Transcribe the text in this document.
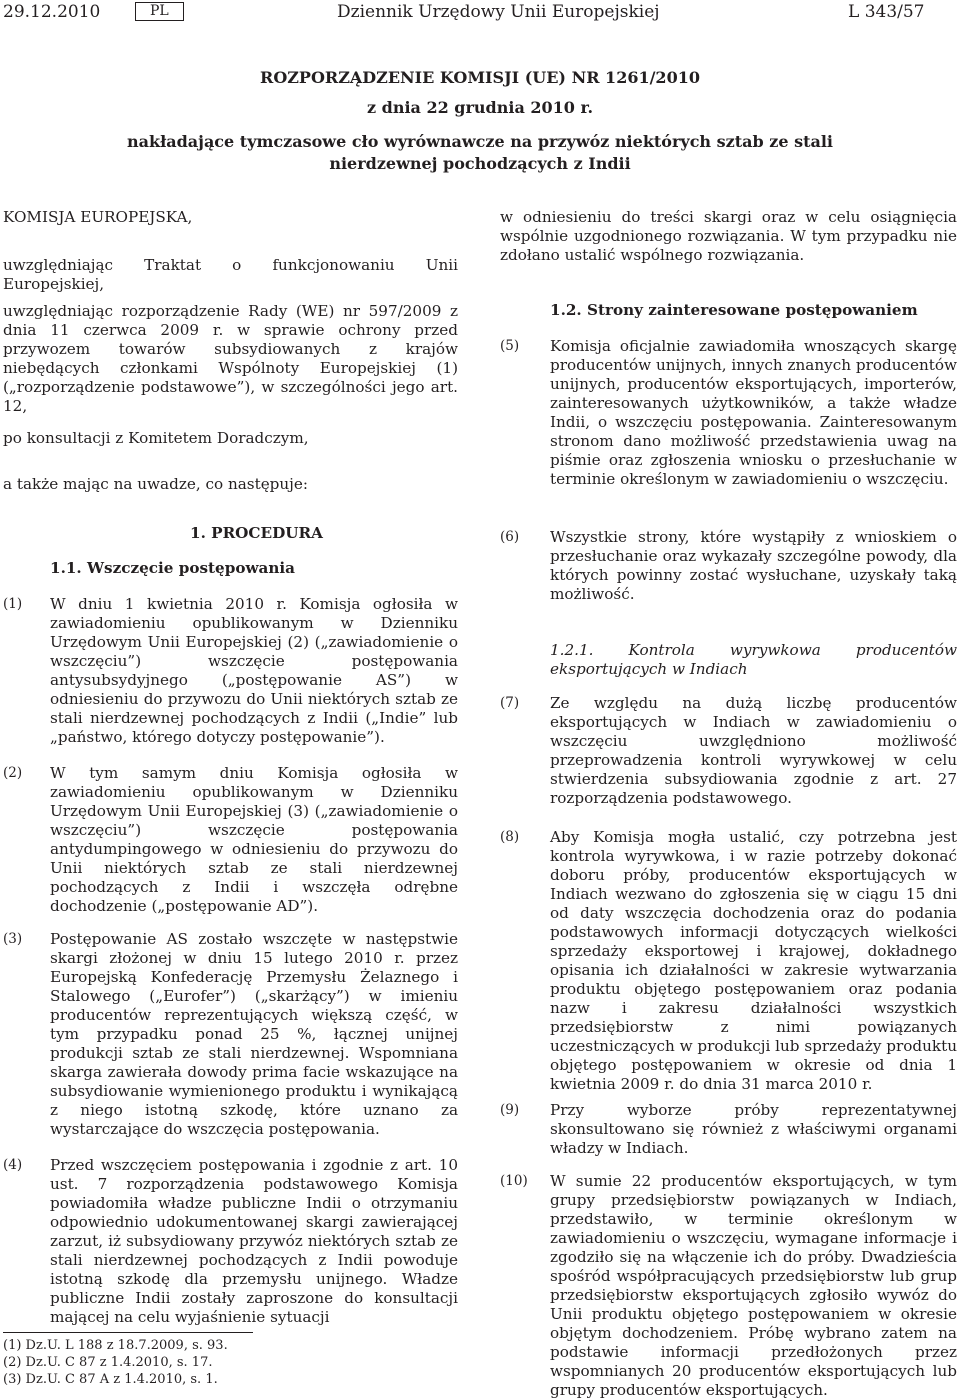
29.12.2010	PL	Dziennik Urzędowy Unii Europejskiej	L 343/57
ROZPORZĄDZENIE KOMISJI (UE) NR 1261/2010
z dnia 22 grudnia 2010 r.
nakładające tymczasowe cło wyrównawcze na przywóz niektórych sztab ze stali nierdzewnej pochodzących z Indii
KOMISJA EUROPEJSKA,
uwzględniając Traktat o funkcjonowaniu Unii Europejskiej,
uwzględniając rozporządzenie Rady (WE) nr 597/2009 z dnia 11 czerwca 2009 r. w sprawie ochrony przed przywozem towarów subsydiowanych z krajów niebędących członkami Wspólnoty Europejskiej (1) („rozporządzenie podstawowe”), w szczególności jego art. 12,
po konsultacji z Komitetem Doradczym,
a także mając na uwadze, co następuje:
1. PROCEDURA
1.1. Wszczęcie postępowania
(1) W dniu 1 kwietnia 2010 r. Komisja ogłosiła w zawiadomieniu opublikowanym w Dzienniku Urzędowym Unii Europejskiej (2) („zawiadomienie o wszczęciu”) wszczęcie postępowania antysubsydyjnego („postępowanie AS”) w odniesieniu do przywozu do Unii niektórych sztab ze stali nierdzewnej pochodzących z Indii („Indie” lub „państwo, którego dotyczy postępowanie”).
(2) W tym samym dniu Komisja ogłosiła w zawiadomieniu opublikowanym w Dzienniku Urzędowym Unii Europejskiej (3) („zawiadomienie o wszczęciu”) wszczęcie postępowania antydumpingowego w odniesieniu do przywozu do Unii niektórych sztab ze stali nierdzewnej pochodzących z Indii i wszczęła odrębne dochodzenie („postępowanie AD”).
(3) Postępowanie AS zostało wszczęte w następstwie skargi złożonej w dniu 15 lutego 2010 r. przez Europejską Konfederację Przemysłu Żelaznego i Stalowego („Eurofer”) („skarżący”) w imieniu producentów reprezentujących większą część, w tym przypadku ponad 25 %, łącznej unijnej produkcji sztab ze stali nierdzewnej. Wspomniana skarga zawierała dowody prima facie wskazujące na subsydiowanie wymienionego produktu i wynikającą z niego istotną szkodę, które uznano za wystarczające do wszczęcia postępowania.
(4) Przed wszczęciem postępowania i zgodnie z art. 10 ust. 7 rozporządzenia podstawowego Komisja powiadomiła władze publiczne Indii o otrzymaniu odpowiednio udokumentowanej skargi zawierającej zarzut, iż subsydiowany przywóz niektórych sztab ze stali nierdzewnej pochodzących z Indii powoduje istotną szkodę dla przemysłu unijnego. Władze publiczne Indii zostały zaproszone do konsultacji mającej na celu wyjaśnienie sytuacji
(1) Dz.U. L 188 z 18.7.2009, s. 93.
(2) Dz.U. C 87 z 1.4.2010, s. 17.
(3) Dz.U. C 87 A z 1.4.2010, s. 1.
w odniesieniu do treści skargi oraz w celu osiągnięcia wspólnie uzgodnionego rozwiązania. W tym przypadku nie zdołano ustalić wspólnego rozwiązania.
1.2. Strony zainteresowane postępowaniem
(5) Komisja oficjalnie zawiadomiła wnoszących skargę producentów unijnych, innych znanych producentów unijnych, producentów eksportujących, importerów, zainteresowanych użytkowników, a także władze Indii, o wszczęciu postępowania. Zainteresowanym stronom dano możliwość przedstawienia uwag na piśmie oraz zgłoszenia wniosku o przesłuchanie w terminie określonym w zawiadomieniu o wszczęciu.
(6) Wszystkie strony, które wystąpiły z wnioskiem o przesłuchanie oraz wykazały szczególne powody, dla których powinny zostać wysłuchane, uzyskały taką możliwość.
1.2.1. Kontrola wyrywkowa producentów eksportujących w Indiach
(7) Ze względu na dużą liczbę producentów eksportujących w Indiach w zawiadomieniu o wszczęciu uwzględniono możliwość przeprowadzenia kontroli wyrywkowej w celu stwierdzenia subsydiowania zgodnie z art. 27 rozporządzenia podstawowego.
(8) Aby Komisja mogła ustalić, czy potrzebna jest kontrola wyrywkowa, i w razie potrzeby dokonać doboru próby, producentów eksportujących w Indiach wezwano do zgłoszenia się w ciągu 15 dni od daty wszczęcia dochodzenia oraz do podania podstawowych informacji dotyczących wielkości sprzedaży eksportowej i krajowej, dokładnego opisania ich działalności w zakresie wytwarzania produktu objętego postępowaniem oraz podania nazw i zakresu działalności wszystkich przedsiębiorstw z nimi powiązanych uczestniczących w produkcji lub sprzedaży produktu objętego postępowaniem w okresie od dnia 1 kwietnia 2009 r. do dnia 31 marca 2010 r.
(9) Przy wyborze próby reprezentatywnej skonsultowano się również z właściwymi organami władzy w Indiach.
(10) W sumie 22 producentów eksportujących, w tym grupy przedsiębiorstw powiązanych w Indiach, przedstawiło, w terminie określonym w zawiadomieniu o wszczęciu, wymagane informacje i zgodziło się na włączenie ich do próby. Dwadzieścia spośród współpracujących przedsiębiorstw lub grup przedsiębiorstw eksportujących zgłosiło wywóz do Unii produktu objętego postępowaniem w okresie objętym dochodzeniem. Próbę wybrano zatem na podstawie informacji przedłożonych przez wspomnianych 20 producentów eksportujących lub grupy producentów eksportujących.
